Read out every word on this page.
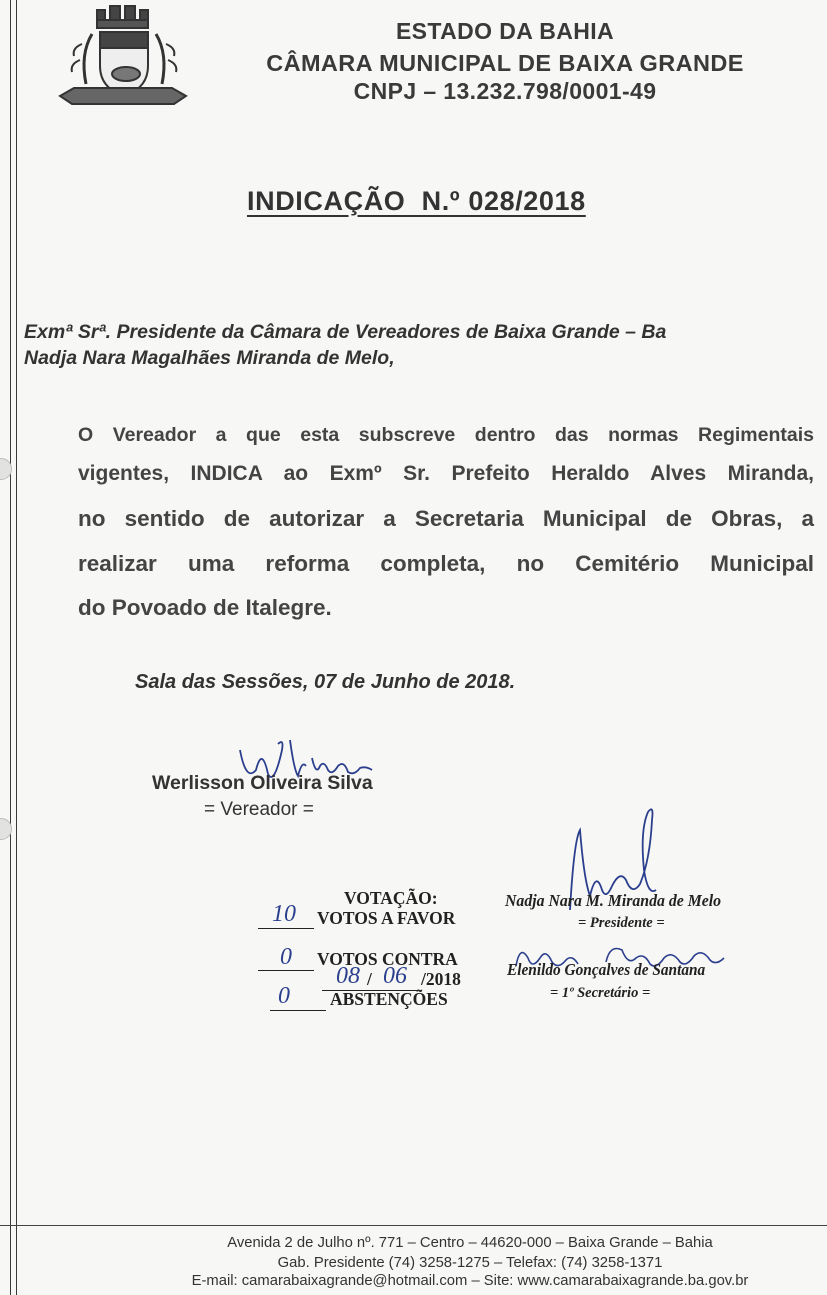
ESTADO DA BAHIA
CÂMARA MUNICIPAL DE BAIXA GRANDE
CNPJ – 13.232.798/0001-49
INDICAÇÃO  N.º 028/2018
Exmª Srª. Presidente da Câmara de Vereadores de Baixa Grande – Ba
Nadja Nara Magalhães Miranda de Melo,
O Vereador a que esta subscreve dentro das normas Regimentais
vigentes, INDICA ao Exmº Sr. Prefeito Heraldo Alves Miranda,
no sentido de autorizar a Secretaria Municipal de Obras, a
realizar uma reforma completa, no Cemitério Municipal
do Povoado de Italegre.
Sala das Sessões, 07 de Junho de 2018.
Werlisson Oliveira Silva
= Vereador =
VOTAÇÃO:
10 VOTOS A FAVOR
0 VOTOS CONTRA
08 / 06 /2018
0 ABSTENÇÕES
Nadja Nara M. Miranda de Melo
= Presidente =
Elenildo Gonçalves de Santana
= 1º Secretário =
Avenida 2 de Julho nº. 771 – Centro – 44620-000 – Baixa Grande – Bahia
Gab. Presidente (74) 3258-1275 – Telefax: (74) 3258-1371
E-mail: camarabaixagrande@hotmail.com – Site: www.camarabaixagrande.ba.gov.br
